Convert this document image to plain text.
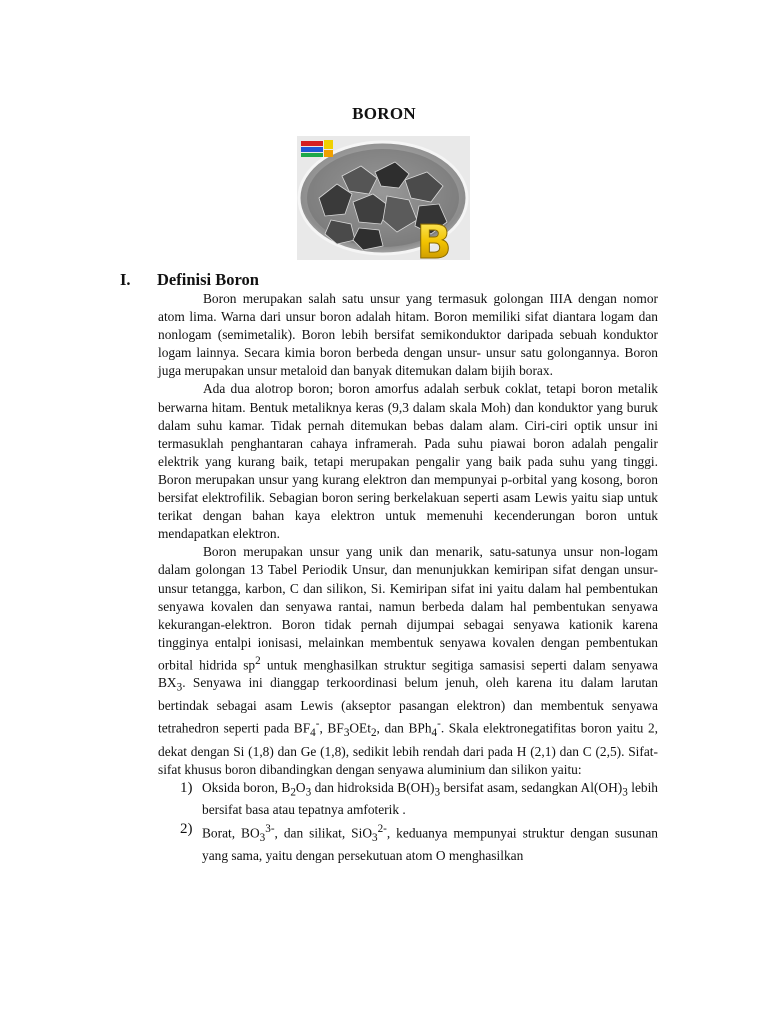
BORON
B
I. Definisi Boron

Boron merupakan salah satu unsur yang termasuk golongan IIIA dengan nomor atom lima. Warna dari unsur boron adalah hitam. Boron memiliki sifat diantara logam dan nonlogam (semimetalik). Boron lebih bersifat semikonduktor daripada sebuah konduktor logam lainnya. Secara kimia boron berbeda dengan unsur- unsur satu golongannya. Boron juga merupakan unsur metaloid dan banyak ditemukan dalam bijih borax.

Ada dua alotrop boron; boron amorfus adalah serbuk coklat, tetapi boron metalik berwarna hitam. Bentuk metaliknya keras (9,3 dalam skala Moh) dan konduktor yang buruk dalam suhu kamar. Tidak pernah ditemukan bebas dalam alam. Ciri-ciri optik unsur ini termasuklah penghantaran cahaya inframerah. Pada suhu piawai boron adalah pengalir elektrik yang kurang baik, tetapi merupakan pengalir yang baik pada suhu yang tinggi. Boron merupakan unsur yang kurang elektron dan mempunyai p-orbital yang kosong, boron bersifat elektrofilik. Sebagian boron sering berkelakuan seperti asam Lewis yaitu siap untuk terikat dengan bahan kaya elektron untuk memenuhi kecenderungan boron untuk mendapatkan elektron.

Boron merupakan unsur yang unik dan menarik, satu-satunya unsur non-logam dalam golongan 13 Tabel Periodik Unsur, dan menunjukkan kemiripan sifat dengan unsur-unsur tetangga, karbon, C dan silikon, Si. Kemiripan sifat ini yaitu dalam hal pembentukan senyawa kovalen dan senyawa rantai, namun berbeda dalam hal pembentukan senyawa kekurangan-elektron. Boron tidak pernah dijumpai sebagai senyawa kationik karena tingginya entalpi ionisasi, melainkan membentuk senyawa kovalen dengan pembentukan orbital hidrida $sp^2$ untuk menghasilkan struktur segitiga samasisi seperti dalam senyawa $BX_3$. Senyawa ini dianggap terkoordinasi belum jenuh, oleh karena itu dalam larutan bertindak sebagai asam Lewis (akseptor pasangan elektron) dan membentuk senyawa tetrahedron seperti pada $BF_4^-$, $BF_3OEt_2$, dan BPh$_4$-. Skala elektronegatifitas boron yaitu 2, dekat dengan Si (1,8) dan Ge (1,8), sedikit lebih rendah dari pada H (2,1) dan C (2,5). Sifat-sifat khusus boron dibandingkan dengan senyawa aluminium dan silikon yaitu:

1) Oksida boron, $B_2O_3$ dan hidroksida $B(OH)_3$ bersifat asam, sedangkan $Al(OH)_3$ lebih bersifat basa atau tepatnya amfoterik .
2) Borat, $BO_3^{3-}$, dan silikat, SiO$_3^{2-}$, keduanya mempunyai struktur dengan susunan yang sama, yaitu dengan persekutuan atom O menghasilkan
